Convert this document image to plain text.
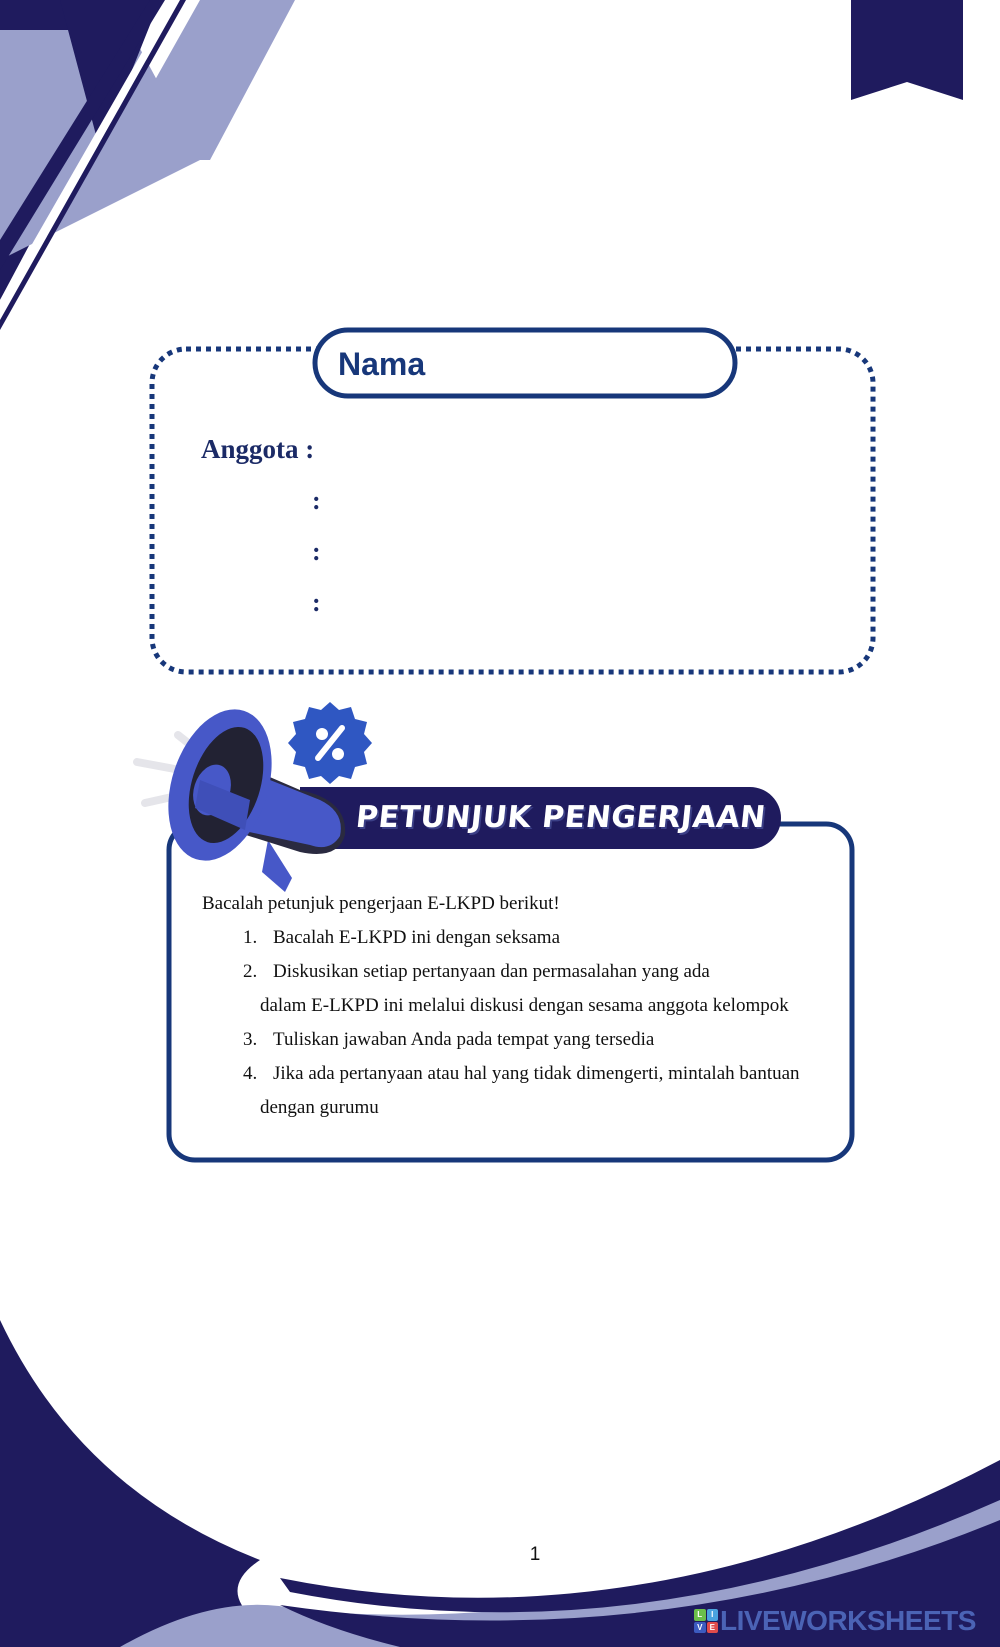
Nama
Anggota :
:
:
:
PETUNJUK PENGERJAAN
Bacalah petunjuk pengerjaan E-LKPD berikut!
1. Bacalah E-LKPD ini dengan seksama
2. Diskusikan setiap pertanyaan dan permasalahan yang ada
dalam E-LKPD ini melalui diskusi dengan sesama anggota kelompok
3. Tuliskan jawaban Anda pada tempat yang tersedia
4. Jika ada pertanyaan atau hal yang tidak dimengerti, mintalah bantuan
dengan gurumu
1
L	I
V E LIVEWORKSHEETS
